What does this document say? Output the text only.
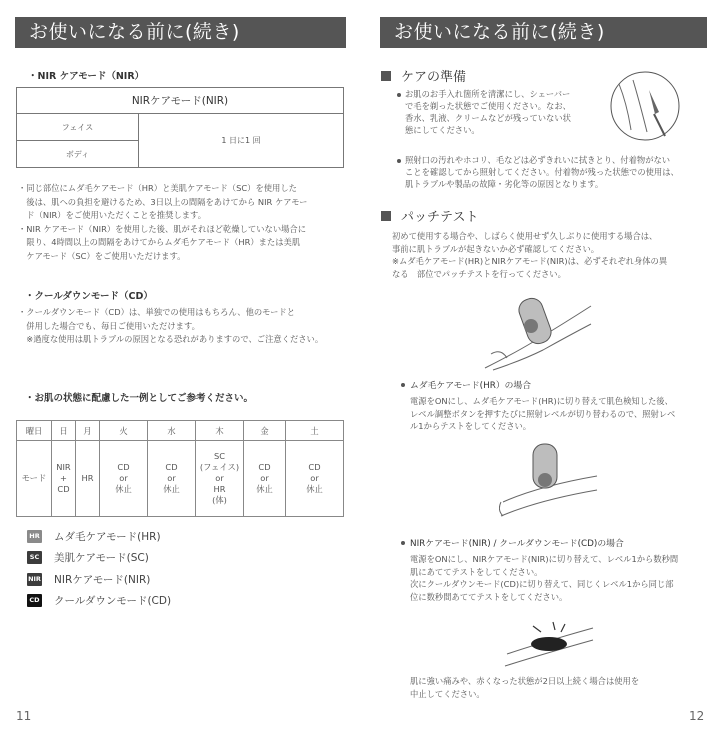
お使いになる前に(続き)
・NIR ケアモード（NIR）
NIRケアモード(NIR)
フェイス	1 日に1 回
ボディ
・同じ部位にムダ毛ケアモード（HR）と美肌ケアモード（SC）を使用した
　後は、肌への負担を避けるため、3日以上の間隔をあけてから NIR ケアモー
　ド（NIR）をご使用いただくことを推奨します。
・NIR ケアモード（NIR）を使用した後、肌がそれほど乾燥していない場合に
　限り、4時間以上の間隔をあけてからムダ毛ケアモード（HR）または美肌
　ケアモード（SC）をご使用いただけます。
・クールダウンモード（CD）
・クールダウンモード（CD）は、単独での使用はもちろん、他のモードと
　併用した場合でも、毎日ご使用いただけます。
　※過度な使用は肌トラブルの原因となる恐れがありますので、ご注意ください。
・お肌の状態に配慮した一例としてご参考ください。
曜日	日	月	火	水	木	金	土
モード	NIR
+
CD	HR	CD
or
休止	CD
or
休止	SC
(フェイス)
or
HR
(体)	CD
or
休止	CD
or
休止
HR ムダ毛ケアモード(HR)
SC 美肌ケアモード(SC)
NIR NIRケアモード(NIR)
CD クールダウンモード(CD)
11
お使いになる前に(続き)
ケアの準備
お肌のお手入れ箇所を清潔にし、シェーバー
で毛を剃った状態でご使用ください。なお、
香水、乳液、クリームなどが残っていない状
態にしてください。
照射口の汚れやホコリ、毛などは必ずきれいに拭きとり、付着物がない
ことを確認してから照射してください。付着物が残った状態での使用は、
肌トラブルや製品の故障・劣化等の原因となります。
パッチテスト
初めて使用する場合や、しばらく使用せず久しぶりに使用する場合は、
事前に肌トラブルが起きないか必ず確認してください。
※ムダ毛ケアモード(HR)とNIRケアモード(NIR)は、必ずそれぞれ身体の異
なる　部位でパッチテストを行ってください。
ムダ毛ケアモード(HR）の場合
電源をONにし、ムダ毛ケアモード(HR)に切り替えて肌色検知した後、
レベル調整ボタンを押すたびに照射レベルが切り替わるので、照射レベ
ル1からテストをしてください。
NIRケアモード(NIR) / クールダウンモード(CD)の場合
電源をONにし、NIRケアモード(NIR)に切り替えて、レベル1から数秒間
肌にあててテストをしてください。
次にクールダウンモード(CD)に切り替えて、同じくレベル1から同じ部
位に数秒間あててテストをしてください。
肌に強い痛みや、赤くなった状態が2日以上続く場合は使用を
中止してください。
12
